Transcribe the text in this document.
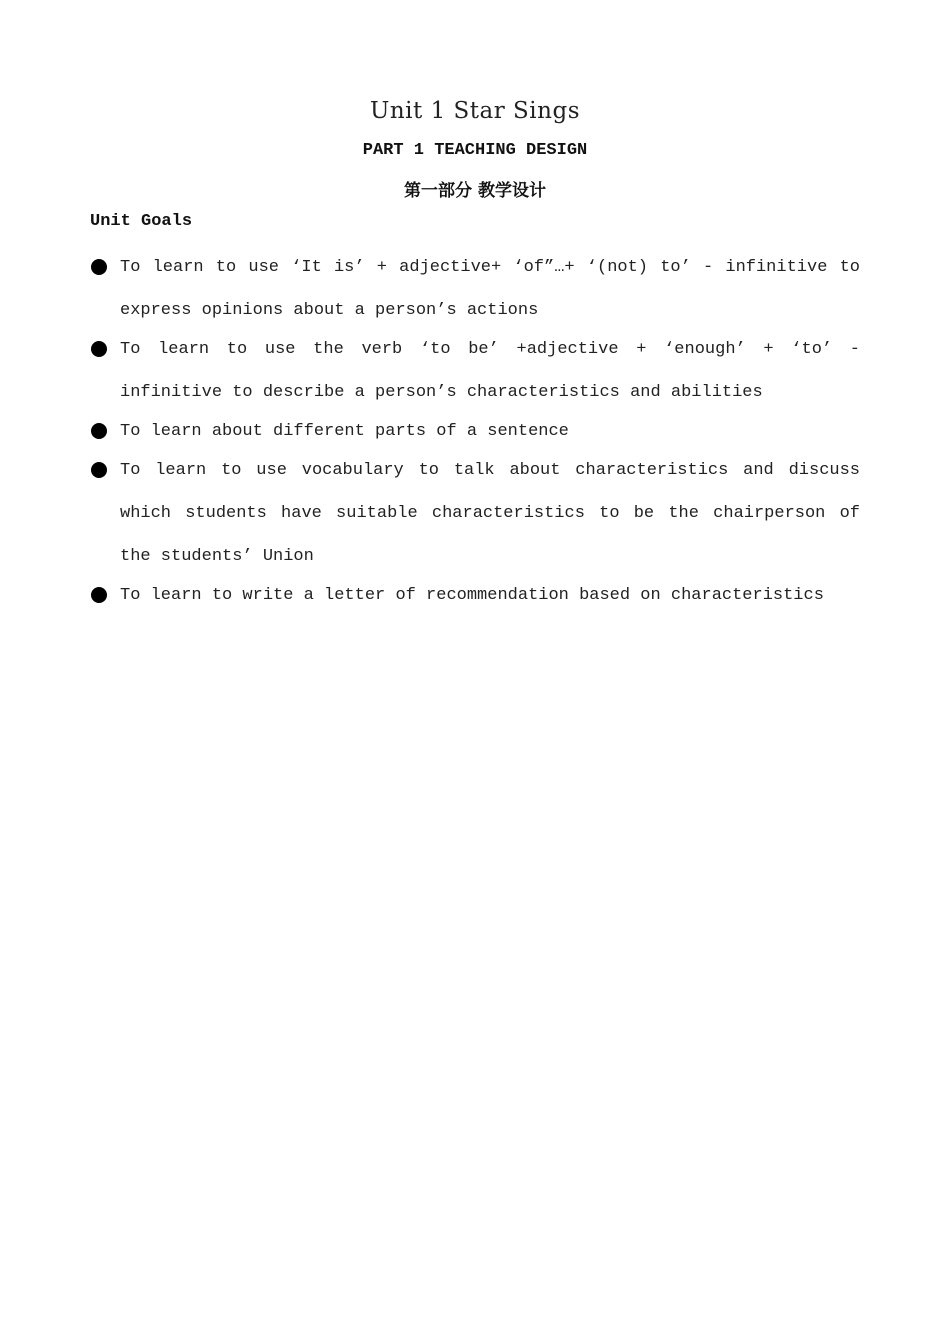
Unit 1 Star Sings
PART 1 TEACHING DESIGN
第一部分 教学设计
Unit Goals
To learn to use ‘It is’ + adjective+ ‘of”…+ ‘(not) to’ - infinitive to express opinions about a person’s actions
To learn to use the verb ‘to be’ +adjective + ‘enough’ + ‘to’ - infinitive to describe a person’s characteristics and abilities
To learn about different parts of a sentence
To learn to use vocabulary to talk about characteristics and discuss which students have suitable characteristics to be the chairperson of the students’ Union
To learn to write a letter of recommendation based on characteristics
